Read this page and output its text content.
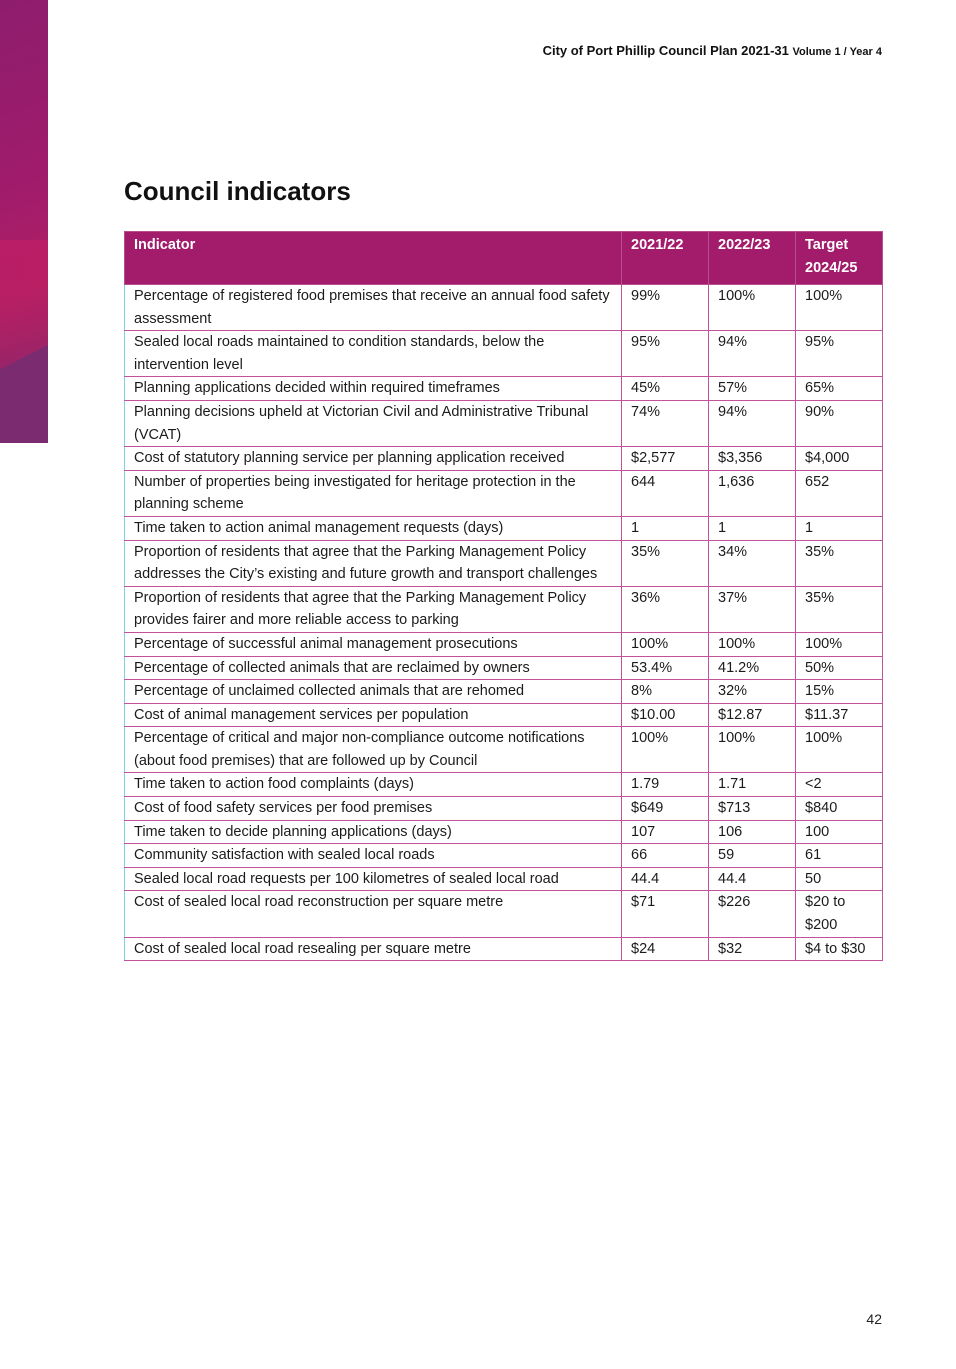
City of Port Phillip Council Plan 2021-31 Volume 1 / Year 4
Council indicators
Indicator	2021/22	2022/23	Target 2024/25
Percentage of registered food premises that receive an annual food safety assessment	99%	100%	100%
Sealed local roads maintained to condition standards, below the intervention level	95%	94%	95%
Planning applications decided within required timeframes	45%	57%	65%
Planning decisions upheld at Victorian Civil and Administrative Tribunal (VCAT)	74%	94%	90%
Cost of statutory planning service per planning application received	$2,577	$3,356	$4,000
Number of properties being investigated for heritage protection in the planning scheme	644	1,636	652
Time taken to action animal management requests (days)	1	1	1
Proportion of residents that agree that the Parking Management Policy addresses the City’s existing and future growth and transport challenges	35%	34%	35%
Proportion of residents that agree that the Parking Management Policy provides fairer and more reliable access to parking	36%	37%	35%
Percentage of successful animal management prosecutions	100%	100%	100%
Percentage of collected animals that are reclaimed by owners	53.4%	41.2%	50%
Percentage of unclaimed collected animals that are rehomed	8%	32%	15%
Cost of animal management services per population	$10.00	$12.87	$11.37
Percentage of critical and major non-compliance outcome notifications (about food premises) that are followed up by Council	100%	100%	100%
Time taken to action food complaints (days)	1.79	1.71	<2
Cost of food safety services per food premises	$649	$713	$840
Time taken to decide planning applications (days)	107	106	100
Community satisfaction with sealed local roads	66	59	61
Sealed local road requests per 100 kilometres of sealed local road	44.4	44.4	50
Cost of sealed local road reconstruction per square metre	$71	$226	$20 to $200
Cost of sealed local road resealing per square metre	$24	$32	$4 to $30
42
